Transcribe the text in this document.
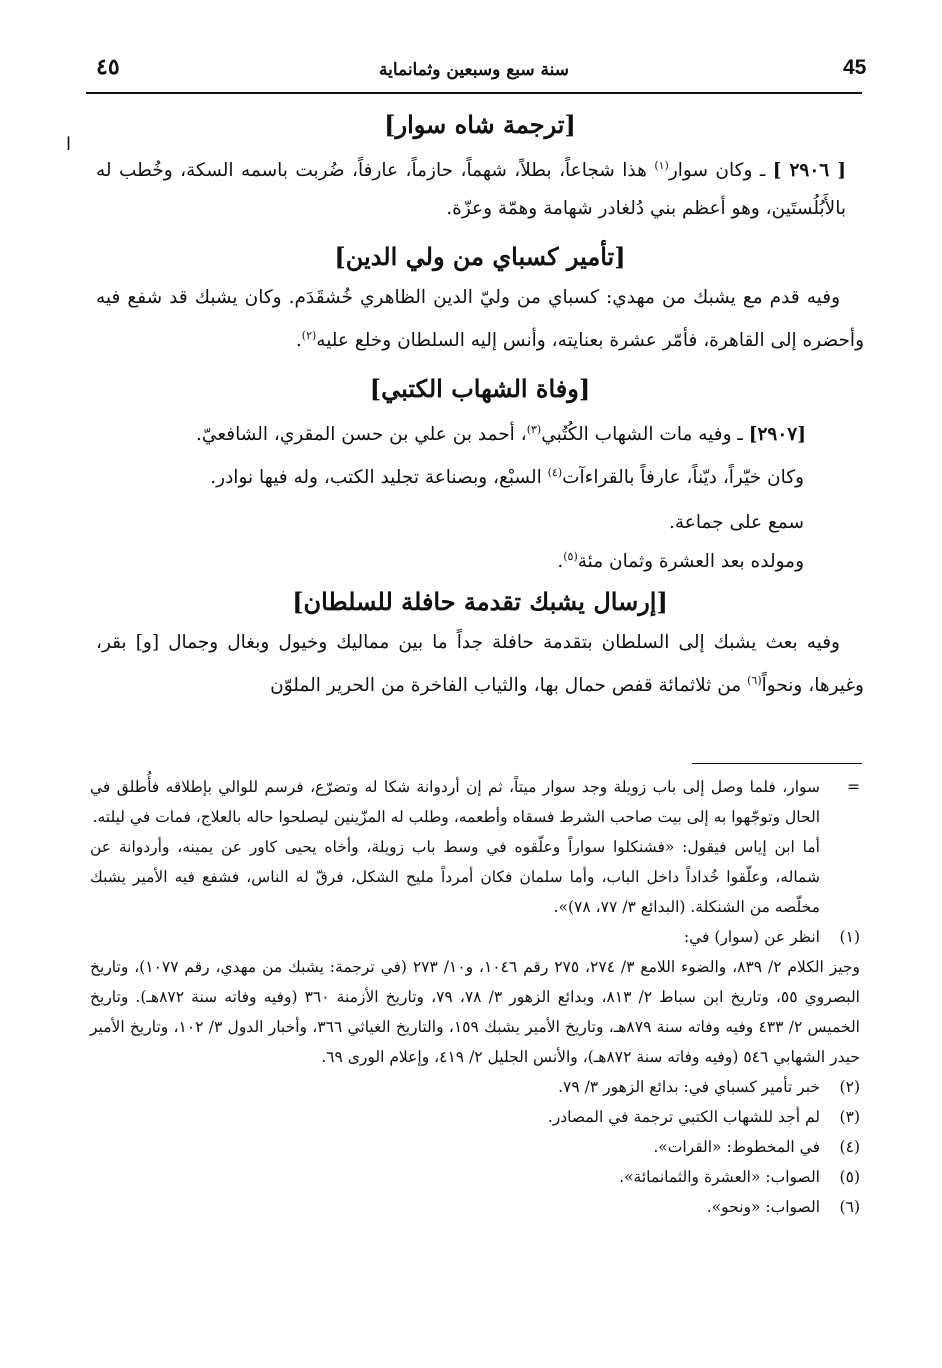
٤٥	سنة سبع وسبعين وثمانماية	45
ا
[ترجمة شاه سوار]

[ ٢٩٠٦ ] ـ وكان سوار$^{(١)}$ هذا شجاعاً، بطلاً، شهماً، حازماً، عارفاً، ضُربت باسمه السكة، وخُطب له بالأَبُلُستَين، وهو أعظم بني دُلغادر شهامة وهمّة وعزّة.

[تأمير كسباي من ولي الدين]

وفيه قدم مع يشبك من مهدي: كسباي من وليّ الدين الظاهري خُشقَدَم. وكان يشبك قد شفع فيه وأحضره إلى القاهرة، فأمّر عشرة بعنايته، وأنس إليه السلطان وخلع عليه$^{(٢)}$.

[وفاة الشهاب الكتبي]

[٢٩٠٧] ـ وفيه مات الشهاب الكُتُبي$^{(٣)}$، أحمد بن علي بن حسن المقري، الشافعيّ.

وكان خيّراً، ديّناً، عارفاً بالقراءآت$^{(٤)}$ السبْع، وبصناعة تجليد الكتب، وله فيها نوادر.

سمع على جماعة.

ومولده بعد العشرة وثمان مئة$^{(٥)}$.

[إرسال يشبك تقدمة حافلة للسلطان]

وفيه بعث يشبك إلى السلطان بتقدمة حافلة جداً ما بين مماليك وخيول وبغال وجمال [و] بقر، وغيرها، ونحواً$^{(٦)}$ من ثلاثمائة قفص حمال بها، والثياب الفاخرة من الحرير الملوّن

=
سوار، فلما وصل إلى باب زويلة وجد سوار ميتاً، ثم إن أردوانة شكا له وتضرّع، فرسم للوالي بإطلاقه فأُطلق في الحال وتوجّهوا به إلى بيت صاحب الشرط فسقاه وأطعمه، وطلب له المزّينين ليصلحوا حاله بالعلاج، فمات في ليلته.

أما ابن إياس فيقول: «فشنكلوا سواراً وعلّقوه في وسط باب زويلة، وأخاه يحيى كاور عن يمينه، وأردوانة عن شماله، وعلّقوا خُداداً داخل الباب، وأما سلمان فكان أمرداً مليح الشكل، فرقّ له الناس، فشفع فيه الأمير يشبك مخلّصه من الشنكلة. (البدائع ٣/ ٧٧، ٧٨)».

(١)
انظر عن (سوار) في:

وجيز الكلام ٢/ ٨٣٩، والضوء اللامع ٣/ ٢٧٤، ٢٧٥ رقم ١٠٤٦، و١٠/ ٢٧٣ (في ترجمة: يشبك من مهدي، رقم ١٠٧٧)، وتاريخ البصروي ٥٥، وتاريخ ابن سباط ٢/ ٨١٣، وبدائع الزهور ٣/ ٧٨، ٧٩، وتاريخ الأزمنة ٣٦٠ (وفيه وفاته سنة ٨٧٢هـ). وتاريخ الخميس ٢/ ٤٣٣ وفيه وفاته سنة ٨٧٩هـ، وتاريخ الأمير يشبك ١٥٩، والتاريخ الغياثي ٣٦٦، وأخبار الدول ٣/ ١٠٢، وتاريخ الأمير حيدر الشهابي ٥٤٦ (وفيه وفاته سنة ٨٧٢هـ)، والأنس الجليل ٢/ ٤١٩، وإعلام الورى ٦٩.

(٢)
خبر تأمير كسباي في: بدائع الزهور ٣/ ٧٩.

(٣)
لم أجد للشهاب الكتبي ترجمة في المصادر.

(٤)
في المخطوط: «القرات».

(٥)
الصواب: «العشرة والثمانمائة».

(٦)
الصواب: «ونحو».
